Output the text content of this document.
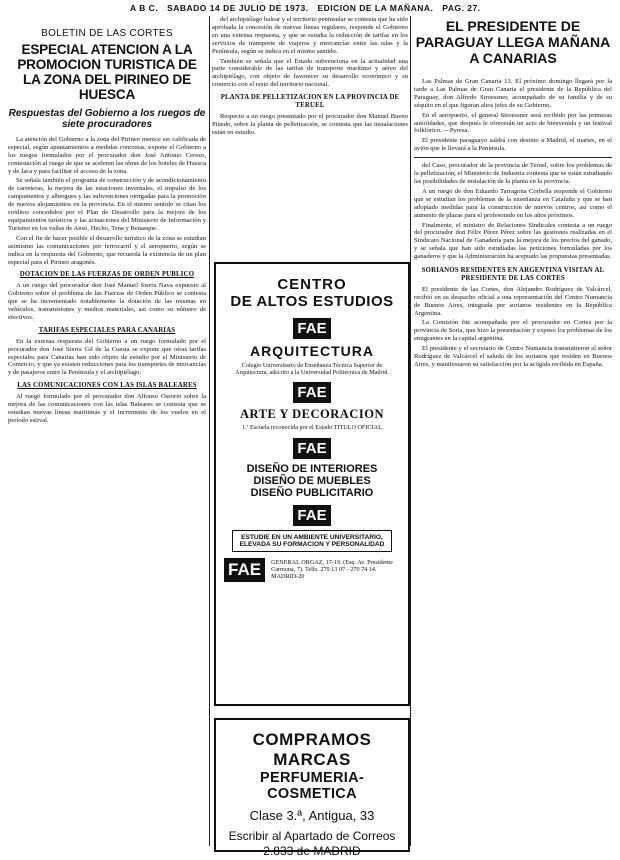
A B C. SABADO 14 DE JULIO DE 1973. EDICION DE LA MAÑANA. PAG. 27.
BOLETIN DE LAS CORTES
ESPECIAL ATENCION A LA PROMOCION TURISTICA DE LA ZONA DEL PIRINEO DE HUESCA
Respuestas del Gobierno a los ruegos de siete procuradores

La atención del Gobierno a la zona del Pirineo merece ser calificada de especial, según apuntamientos a medidas concretas, expone el Gobierno a los ruegos formulados por el procurador don José Antonio Cerezo, contestación al ruego de que se aceleren las obras de los hoteles de Huesca y de Jaca y para facilitar el acceso de la zona.

Se señala también el programa de construcción y de acondicionamiento de carreteras, la mejora de las estaciones invernales, el impulso de los campamentos y albergues y las subvenciones otorgadas para la promoción de nuevos alojamientos en la provincia. En el mismo sentido se citan los créditos concedidos por el Plan de Desarrollo para la mejora de los equipamientos turísticos y las actuaciones del Ministerio de Información y Turismo en los valles de Ansó, Hecho, Tena y Benasque.

Con el fin de hacer posible el desarrollo turístico de la zona se estudian asimismo las comunicaciones por ferrocarril y el aeropuerto, según se indica en la respuesta del Gobierno, que recuerda la existencia de un plan especial para el Pirineo aragonés.

DOTACION DE LAS FUERZAS DE ORDEN PUBLICO

A un ruego del procurador don José Manuel Sierra Nava expuesto al Gobierno sobre el problema de las Fuerzas de Orden Público se contesta que se ha incrementado notablemente la dotación de las mismas en vehículos, transmisiones y medios materiales, así como su número de efectivos.

TARIFAS ESPECIALES PARA CANARIAS

En la extensa respuesta del Gobierno a un ruego formulado por el procurador don José Sierra Gil de la Cuesta se expone que otras tarifas especiales para Canarias han sido objeto de estudio por el Ministerio de Comercio, y que ya existen reducciones para los transportes de mercancías y de pasajeros entre la Península y el archipiélago.

LAS COMUNICACIONES CON LAS ISLAS BALEARES

Al ruego formulado por el procurador don Alfonso Ossorio sobre la mejora de las comunicaciones con las islas Baleares se contesta que se estudian nuevas líneas marítimas y el incremento de los vuelos en el período estival.

del archipiélago balear y el territorio peninsular se contesta que ha sido aprobada la concesión de nuevas líneas regulares, responde el Gobierno en una extensa respuesta, y que se estudia la reducción de tarifas en los servicios de transporte de viajeros y mercancías entre las islas y la Península, según se indica en el mismo sentido.

También se señala que el Estado subvenciona en la actualidad una parte considerable de las tarifas de transporte marítimo y aéreo del archipiélago, con objeto de favorecer su desarrollo económico y su comercio con el resto del territorio nacional.

PLANTA DE PELLETIZACION EN LA PROVINCIA DE TERUEL

Respecto a un ruego presentado por el procurador don Manuel Bueno Pinedo, sobre la planta de pelletización, se contesta que las instalaciones están en estudio.

CENTRO
DE ALTOS ESTUDIOS
FAE
ARQUITECTURA
Colegio Universitario de Enseñanza Técnica Superior de Arquitectura, adscrito a la Universidad Politécnica de Madrid.
FAE
ARTE Y DECORACION
1.ª Escuela reconocida por el Estado TITULO OFICIAL
FAE
DISEÑO DE INTERIORES
DISEÑO DE MUEBLES
DISEÑO PUBLICITARIO
FAE
ESTUDIE EN UN AMBIENTE UNIVERSITARIO, ELEVADA SU FORMACION Y PERSONALIDAD
FAE	GENERAL ORGAZ, 17-19. (Esq. Av. Presidente Carmona, 7). Telfs. 279 13 07 - 270 74 14. MADRID-20
COMPRAMOS MARCAS
PERFUMERIA-COSMETICA
Clase 3.ª, Antigua, 33
Escribir al Apartado de Correos 2.833 de MADRID
EL PRESIDENTE DE PARAGUAY LLEGA MAÑANA A CANARIAS

Las Palmas de Gran Canaria 13. El próximo domingo llegará por la tarde a Las Palmas de Gran Canaria el presidente de la República del Paraguay, don Alfredo Stroessner, acompañado de su familia y de su séquito en el que figuran altos jefes de su Gobierno.

En el aeropuerto, el general Stroessner será recibido por las primeras autoridades, que después le ofrecerán un acto de bienvenida y un festival folklórico. —Pyresa.

El presidente paraguayo saldrá con destino a Madrid, el martes, en el avión que le llevará a la Península.

del Caso, procurador de la provincia de Teruel, sobre los problemas de la pelletización, el Ministerio de Industria contesta que se están estudiando las posibilidades de instalación de la planta en la provincia.

A un ruego de don Eduardo Tarragona Corbella responde el Gobierno que se estudian los problemas de la enseñanza en Cataluña y que se han adoptado medidas para la construcción de nuevos centros, así como el aumento de plazas para el profesorado en los años próximos.

Finalmente, el ministro de Relaciones Sindicales contesta a un ruego del procurador don Félix Pérez Pérez sobre las gestiones realizadas en el Sindicato Nacional de Ganadería para la mejora de los precios del ganado, y se señala que han sido estudiadas las peticiones formuladas por los ganaderos y que la Administración ha aceptado las propuestas presentadas.

SORIANOS RESIDENTES EN ARGENTINA VISITAN AL PRESIDENTE DE LAS CORTES

El presidente de las Cortes, don Alejandro Rodríguez de Valcárcel, recibió en su despacho oficial a una representación del Centro Numancia de Buenos Aires, integrada por sorianos residentes en la República Argentina.

La Comisión fue acompañada por el procurador en Cortes por la provincia de Soria, que hizo la presentación y expuso los problemas de los emigrantes en la capital argentina.

El presidente y el secretario de Centro Numancia transmitieron al señor Rodríguez de Valcárcel el saludo de los sorianos que residen en Buenos Aires, y manifestaron su satisfacción por la acogida recibida en España.
